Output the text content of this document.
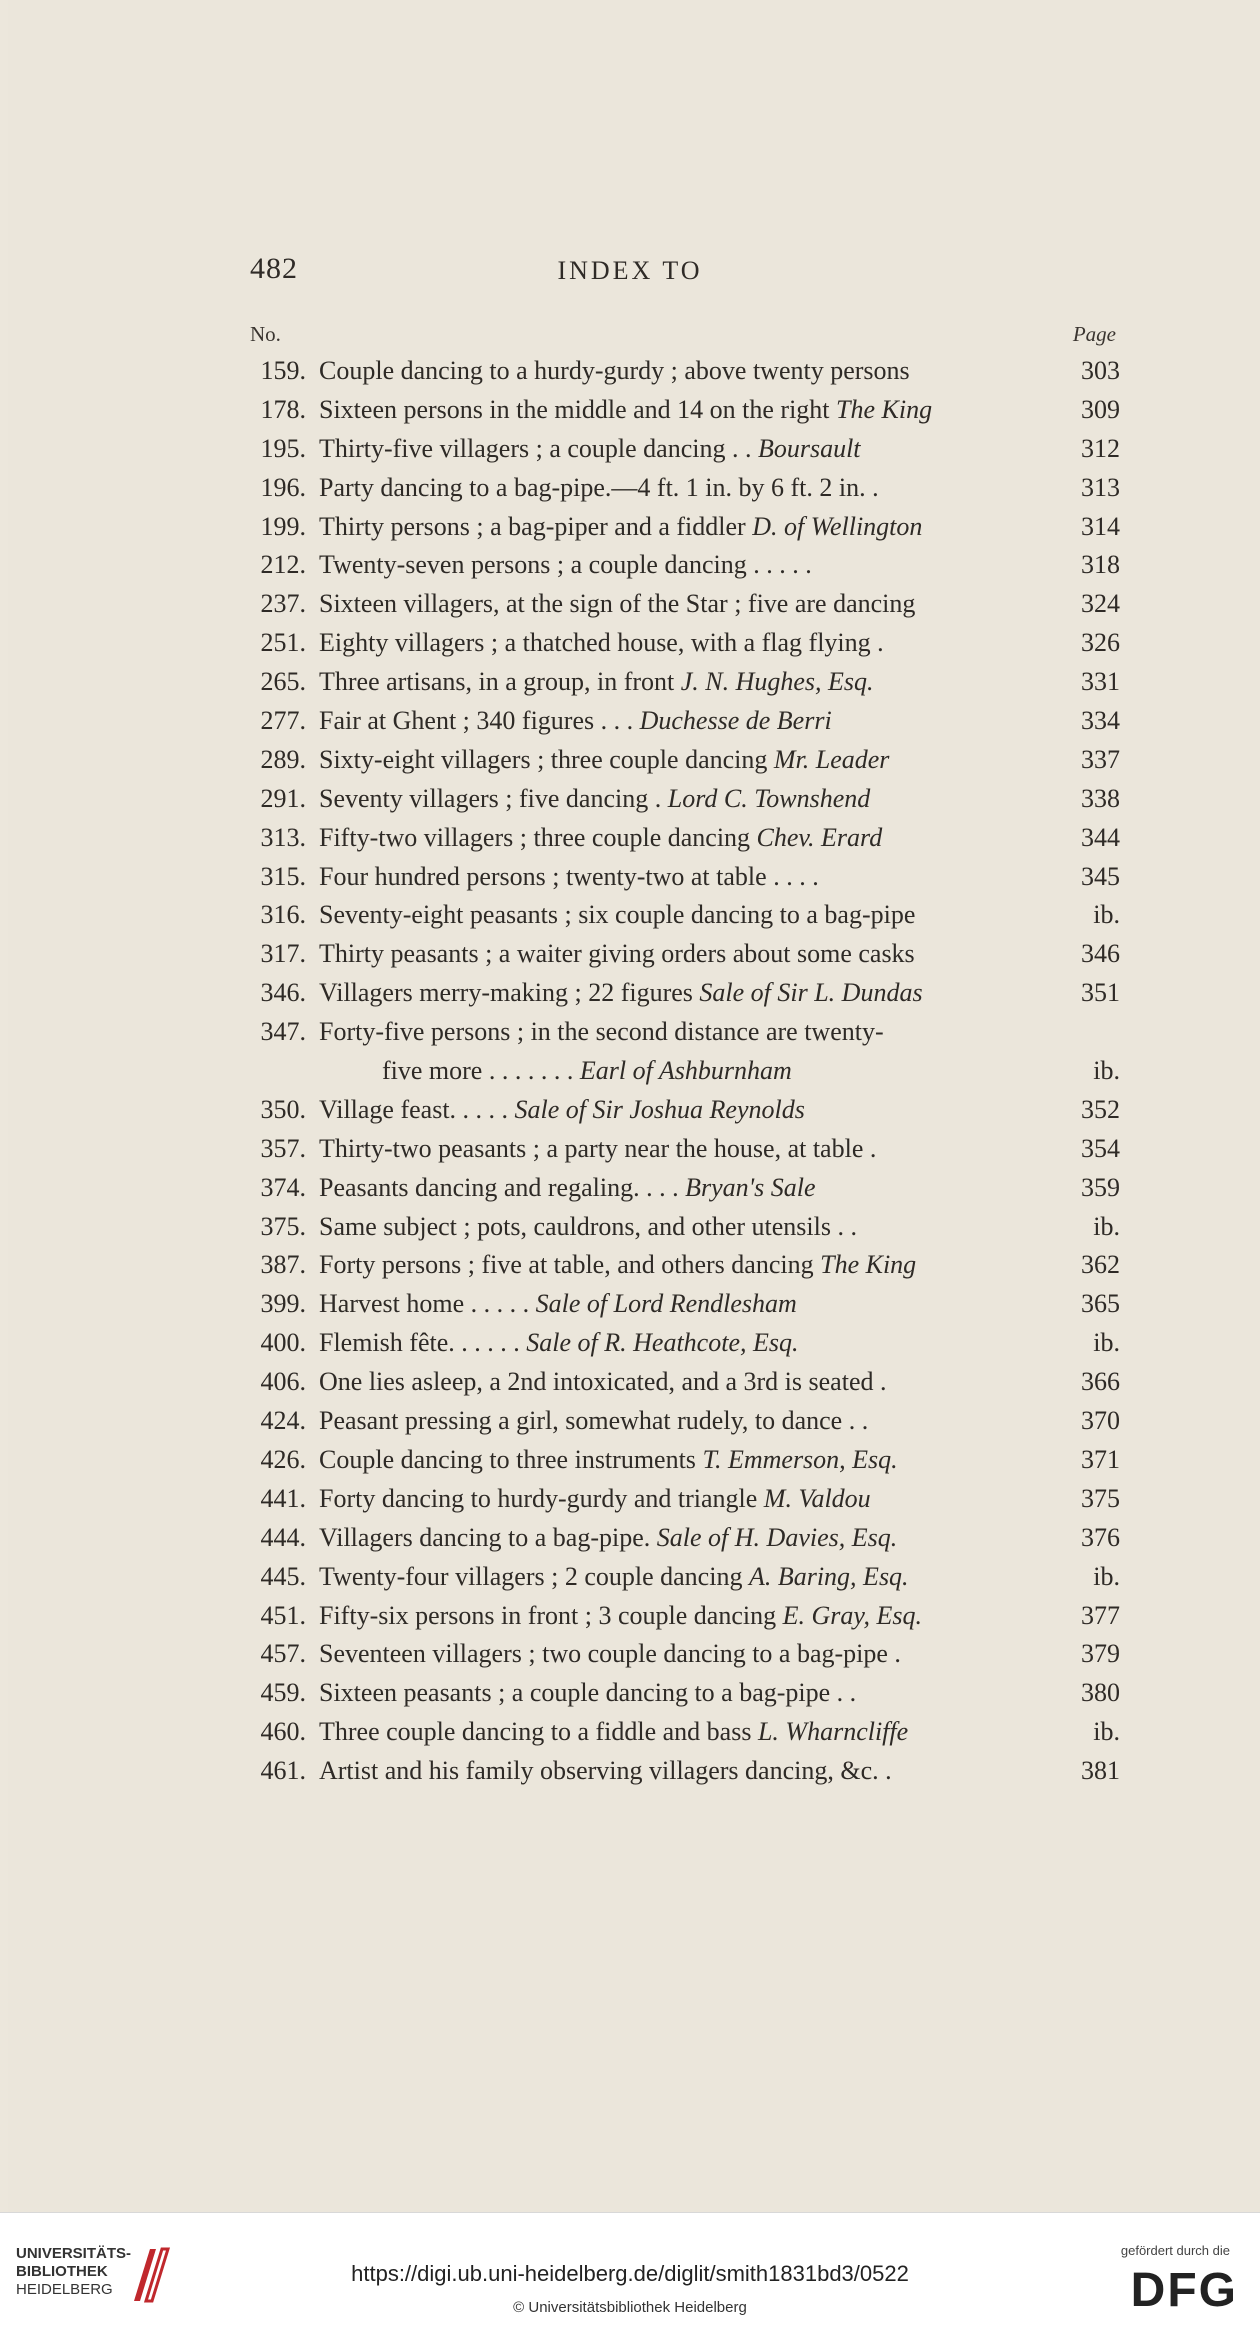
482	INDEX TO
No.	Page
159. Couple dancing to a hurdy-gurdy ; above twenty persons	303
178. Sixteen persons in the middle and 14 on the right The King	309
195. Thirty-five villagers ; a couple dancing . . Boursault	312
196. Party dancing to a bag-pipe.—4 ft. 1 in. by 6 ft. 2 in. .	313
199. Thirty persons ; a bag-piper and a fiddler D. of Wellington	314
212. Twenty-seven persons ; a couple dancing . . . . .	318
237. Sixteen villagers, at the sign of the Star ; five are dancing	324
251. Eighty villagers ; a thatched house, with a flag flying .	326
265. Three artisans, in a group, in front J. N. Hughes, Esq.	331
277. Fair at Ghent ; 340 figures . . . Duchesse de Berri	334
289. Sixty-eight villagers ; three couple dancing Mr. Leader	337
291. Seventy villagers ; five dancing . Lord C. Townshend	338
313. Fifty-two villagers ; three couple dancing Chev. Erard	344
315. Four hundred persons ; twenty-two at table . . . .	345
316. Seventy-eight peasants ; six couple dancing to a bag-pipe	ib.
317. Thirty peasants ; a waiter giving orders about some casks	346
346. Villagers merry-making ; 22 figures Sale of Sir L. Dundas	351
347. Forty-five persons ; in the second distance are twenty-
five more . . . . . . . Earl of Ashburnham	ib.
350. Village feast. . . . . Sale of Sir Joshua Reynolds	352
357. Thirty-two peasants ; a party near the house, at table .	354
374. Peasants dancing and regaling. . . . Bryan's Sale	359
375. Same subject ; pots, cauldrons, and other utensils . .	ib.
387. Forty persons ; five at table, and others dancing The King	362
399. Harvest home . . . . . Sale of Lord Rendlesham	365
400. Flemish fête. . . . . . Sale of R. Heathcote, Esq.	ib.
406. One lies asleep, a 2nd intoxicated, and a 3rd is seated .	366
424. Peasant pressing a girl, somewhat rudely, to dance . .	370
426. Couple dancing to three instruments T. Emmerson, Esq.	371
441. Forty dancing to hurdy-gurdy and triangle M. Valdou	375
444. Villagers dancing to a bag-pipe. Sale of H. Davies, Esq.	376
445. Twenty-four villagers ; 2 couple dancing A. Baring, Esq.	ib.
451. Fifty-six persons in front ; 3 couple dancing E. Gray, Esq.	377
457. Seventeen villagers ; two couple dancing to a bag-pipe .	379
459. Sixteen peasants ; a couple dancing to a bag-pipe . .	380
460. Three couple dancing to a fiddle and bass L. Wharncliffe	ib.
461. Artist and his family observing villagers dancing, &c. .	381
UNIVERSITÄTS-
BIBLIOTHEK
HEIDELBERG
https://digi.ub.uni-heidelberg.de/diglit/smith1831bd3/0522
© Universitätsbibliothek Heidelberg
gefördert durch die
DFG
